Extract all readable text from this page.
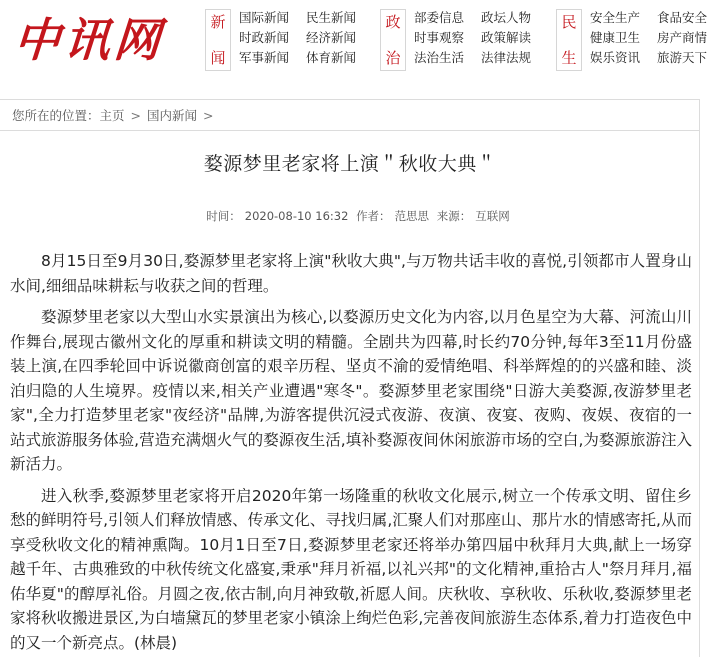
中讯网	新
闻
国际新闻 民生新闻
时政新闻 经济新闻
军事新闻 体育新闻
政
治
部委信息 政坛人物
时事观察 政策解读
法治生活 法律法规
民
生
安全生产 食品安全
健康卫生 房产商情
娱乐资讯 旅游天下
您所在的位置： 主页 > 国内新闻 >
婺源梦里老家将上演＂秋收大典＂
时间： 2020-08-10 16:32 作者： 范思思 来源： 互联网

8月15日至9月30日,婺源梦里老家将上演"秋收大典",与万物共话丰收的喜悦,引领都市人置身山水间,细细品味耕耘与收获之间的哲理。

婺源梦里老家以大型山水实景演出为核心,以婺源历史文化为内容,以月色星空为大幕、河流山川作舞台,展现古徽州文化的厚重和耕读文明的精髓。全剧共为四幕,时长约70分钟,每年3至11月份盛装上演,在四季轮回中诉说徽商创富的艰辛历程、坚贞不渝的爱情绝唱、科举辉煌的的兴盛和睦、淡泊归隐的人生境界。疫情以来,相关产业遭遇"寒冬"。婺源梦里老家围绕"日游大美婺源,夜游梦里老家",全力打造梦里老家"夜经济"品牌,为游客提供沉浸式夜游、夜演、夜宴、夜购、夜娱、夜宿的一站式旅游服务体验,营造充满烟火气的婺源夜生活,填补婺源夜间休闲旅游市场的空白,为婺源旅游注入新活力。

进入秋季,婺源梦里老家将开启2020年第一场隆重的秋收文化展示,树立一个传承文明、留住乡愁的鲜明符号,引领人们释放情感、传承文化、寻找归属,汇聚人们对那座山、那片水的情感寄托,从而享受秋收文化的精神熏陶。10月1日至7日,婺源梦里老家还将举办第四届中秋拜月大典,献上一场穿越千年、古典雅致的中秋传统文化盛宴,秉承"拜月祈福,以礼兴邦"的文化精神,重拾古人"祭月拜月,福佑华夏"的醇厚礼俗。月圆之夜,依古制,向月神致敬,祈愿人间。庆秋收、享秋收、乐秋收,婺源梦里老家将秋收搬进景区,为白墙黛瓦的梦里老家小镇涂上绚烂色彩,完善夜间旅游生态体系,着力打造夜色中的又一个新亮点。(林晨)
